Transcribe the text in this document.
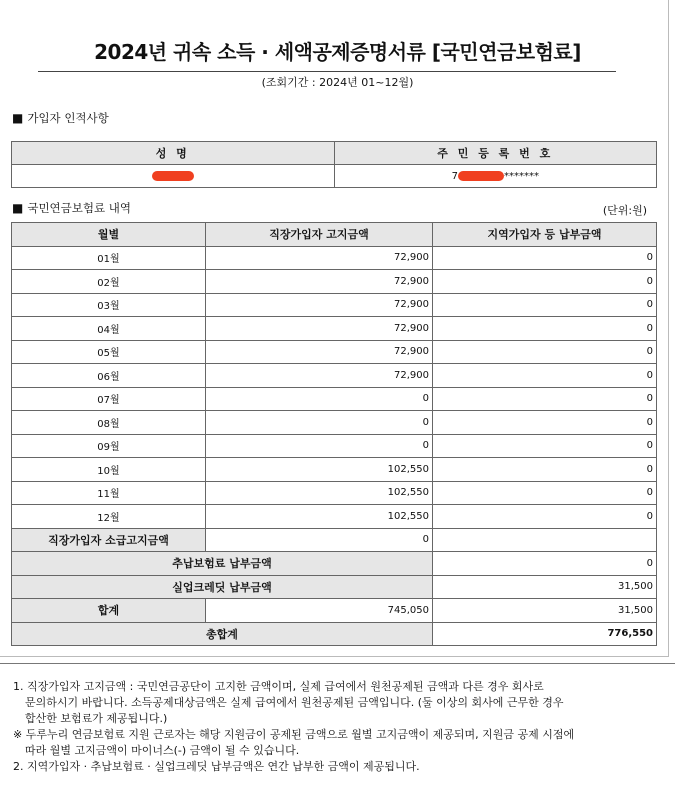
2024년 귀속 소득 · 세액공제증명서류 [국민연금보험료]
(조회기간 : 2024년 01~12월)
■ 가입자 인적사항
성 명	주 민 등 록 번 호
	7 *******
■ 국민연금보험료 내역	(단위:원)
월별	직장가입자 고지금액	지역가입자 등 납부금액
01월	72,900	0
02월	72,900	0
03월	72,900	0
04월	72,900	0
05월	72,900	0
06월	72,900	0
07월	0	0
08월	0	0
09월	0	0
10월	102,550	0
11월	102,550	0
12월	102,550	0
직장가입자 소급고지금액	0	
추납보험료 납부금액		0
실업크레딧 납부금액		31,500
합계	745,050	31,500
총합계		776,550

1. 직장가입자 고지금액 : 국민연금공단이 고지한 금액이며, 실제 급여에서 원천공제된 금액과 다른 경우 회사로

문의하시기 바랍니다. 소득공제대상금액은 실제 급여에서 원천공제된 금액입니다. (둘 이상의 회사에 근무한 경우

합산한 보험료가 제공됩니다.)

※ 두루누리 연금보험료 지원 근로자는 해당 지원금이 공제된 금액으로 월별 고지금액이 제공되며, 지원금 공제 시점에

따라 월별 고지금액이 마이너스(-) 금액이 될 수 있습니다.

2. 지역가입자 · 추납보험료 · 실업크레딧 납부금액은 연간 납부한 금액이 제공됩니다.
